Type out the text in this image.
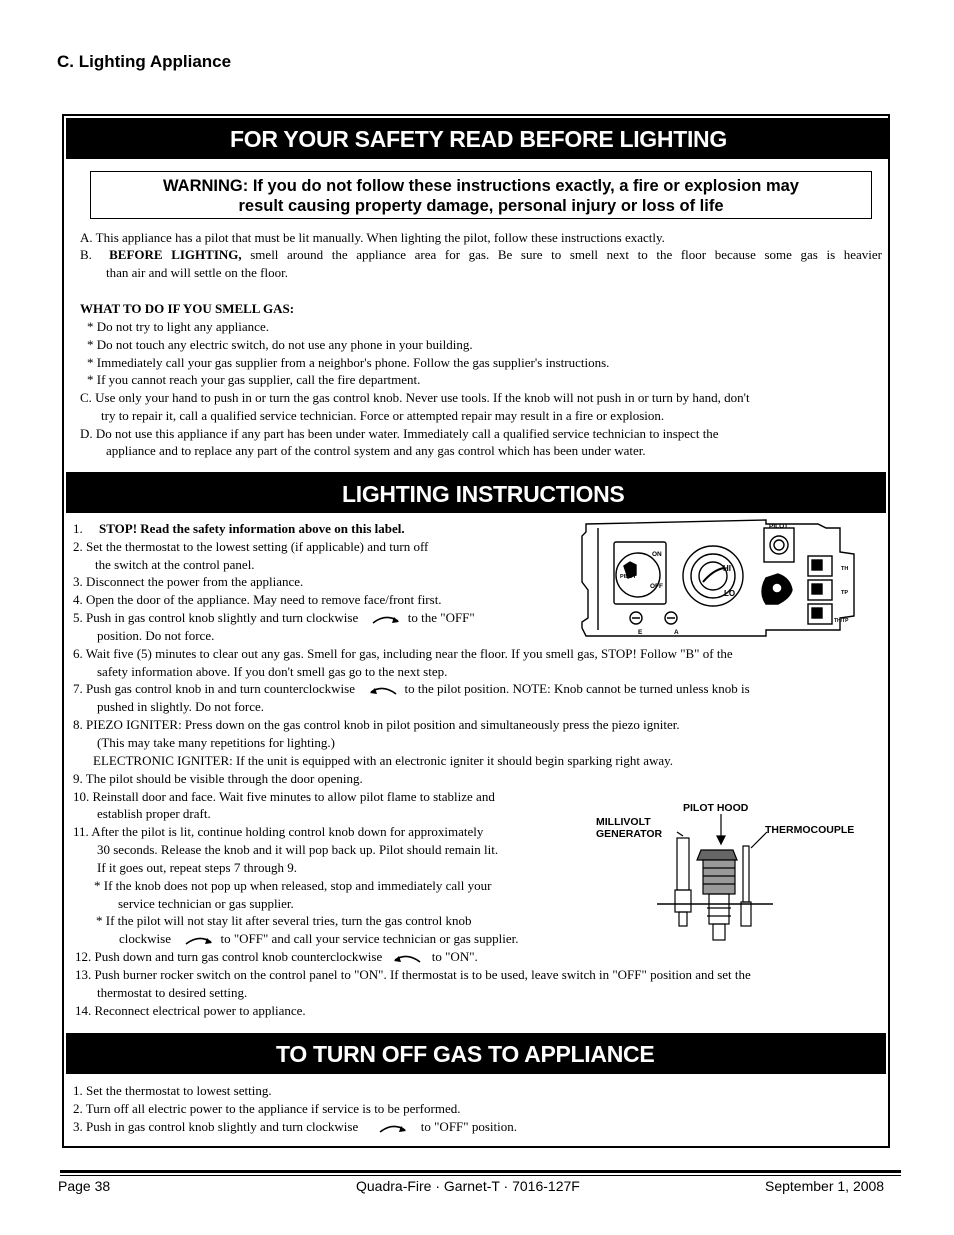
C. Lighting Appliance
FOR YOUR SAFETY READ BEFORE LIGHTING
LIGHTING INSTRUCTIONS
TO TURN OFF GAS TO APPLIANCE
WARNING: If you do not follow these instructions exactly, a fire or explosion may
result causing property damage, personal injury or loss of life
A. This appliance has a pilot that must be lit manually. When lighting the pilot, follow these instructions exactly.
B. BEFORE LIGHTING, smell around the appliance area for gas. Be sure to smell next to the floor because some gas is heavier
than air and will settle on the floor.
WHAT TO DO IF YOU SMELL GAS:
* Do not try to light any appliance.
* Do not touch any electric switch, do not use any phone in your building.
* Immediately call your gas supplier from a neighbor's phone. Follow the gas supplier's instructions.
* If you cannot reach your gas supplier, call the fire department.
C. Use only your hand to push in or turn the gas control knob. Never use tools. If the knob will not push in or turn by hand, don't
try to repair it, call a qualified service technician. Force or attempted repair may result in a fire or explosion.
D. Do not use this appliance if any part has been under water. Immediately call a qualified service technician to inspect the
appliance and to replace any part of the control system and any gas control which has been under water.
1. STOP! Read the safety information above on this label.
2. Set the thermostat to the lowest setting (if applicable) and turn off
the switch at the control panel.
3. Disconnect the power from the appliance.
4. Open the door of the appliance. May need to remove face/front first.
5. Push in gas control knob slightly and turn clockwise	to the "OFF"
position. Do not force.
6. Wait five (5) minutes to clear out any gas. Smell for gas, including near the floor. If you smell gas, STOP! Follow "B" of the
safety information above. If you don't smell gas go to the next step.
7. Push gas control knob in and turn counterclockwise	to the pilot position. NOTE: Knob cannot be turned unless knob is
pushed in slightly. Do not force.
8. PIEZO IGNITER: Press down on the gas control knob in pilot position and simultaneously press the piezo igniter.
(This may take many repetitions for lighting.)
ELECTRONIC IGNITER: If the unit is equipped with an electronic igniter it should begin sparking right away.
9. The pilot should be visible through the door opening.
10. Reinstall door and face. Wait five minutes to allow pilot flame to stablize and
establish proper draft.
11. After the pilot is lit, continue holding control knob down for approximately
30 seconds. Release the knob and it will pop back up. Pilot should remain lit.
If it goes out, repeat steps 7 through 9.
* If the knob does not pop up when released, stop and immediately call your
service technician or gas supplier.
* If the pilot will not stay lit after several tries, turn the gas control knob
clockwise	to "OFF" and call your service technician or gas supplier.
12. Push down and turn gas control knob counterclockwise	to "ON".
13. Push burner rocker switch on the control panel to "ON". If thermostat is to be used, leave switch in "OFF" position and set the
thermostat to desired setting.
14. Reconnect electrical power to appliance.
1. Set the thermostat to lowest setting.
2. Turn off all electric power to the appliance if service is to be performed.
3. Push in gas control knob slightly and turn clockwise	to "OFF" position.
PILOT
ON
OFF
PILOT
HI
LO
E	A
TH
TP
TH/TP
PILOT HOOD
MILLIVOLT
GENERATOR	THERMOCOUPLE
Page 38	Quadra-Fire · Garnet-T · 7016-127F	September 1, 2008
